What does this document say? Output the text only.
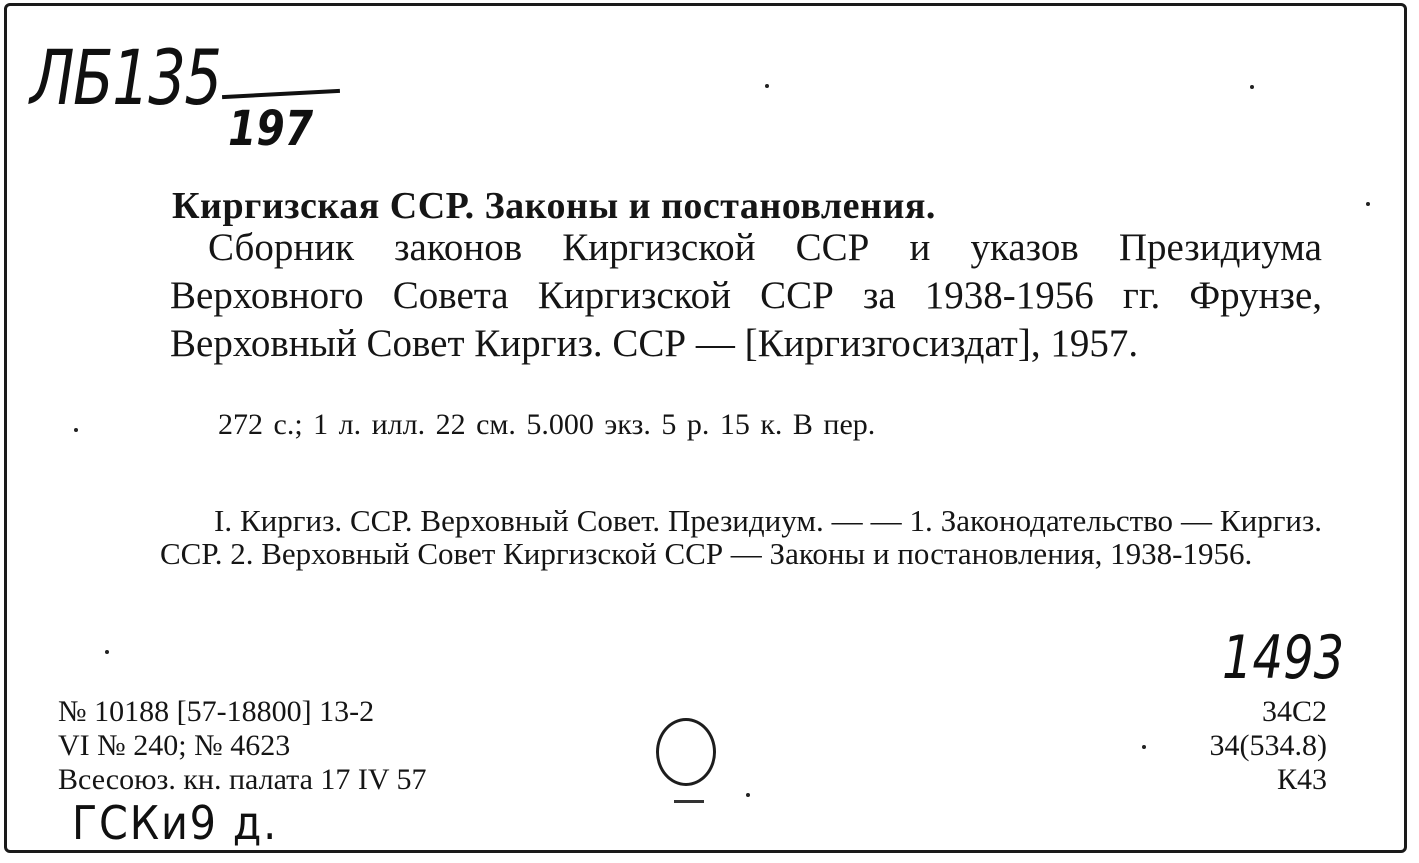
ЛБ135
197
Киргизская ССР. Законы и постановления.

Сборник законов Киргизской ССР и указов Президиума Верховного Совета Киргизской ССР за 1938-1956 гг. Фрунзе, Верховный Совет Киргиз. ССР — [Киргизгосиздат], 1957.

272 с.; 1 л. илл. 22 см. 5.000 экз. 5 р. 15 к. В пер.

I. Киргиз. ССР. Верховный Совет. Президиум. — — 1. Законодательство — Киргиз. ССР. 2. Верховный Совет Киргизской ССР — Законы и постановления, 1938-1956.

1493
№ 10188 [57-18800] 13-2
VI № 240; № 4623
Всесоюз. кн. палата 17 IV 57
34C2
34(534.8)
К43
ГСКи9 д.
